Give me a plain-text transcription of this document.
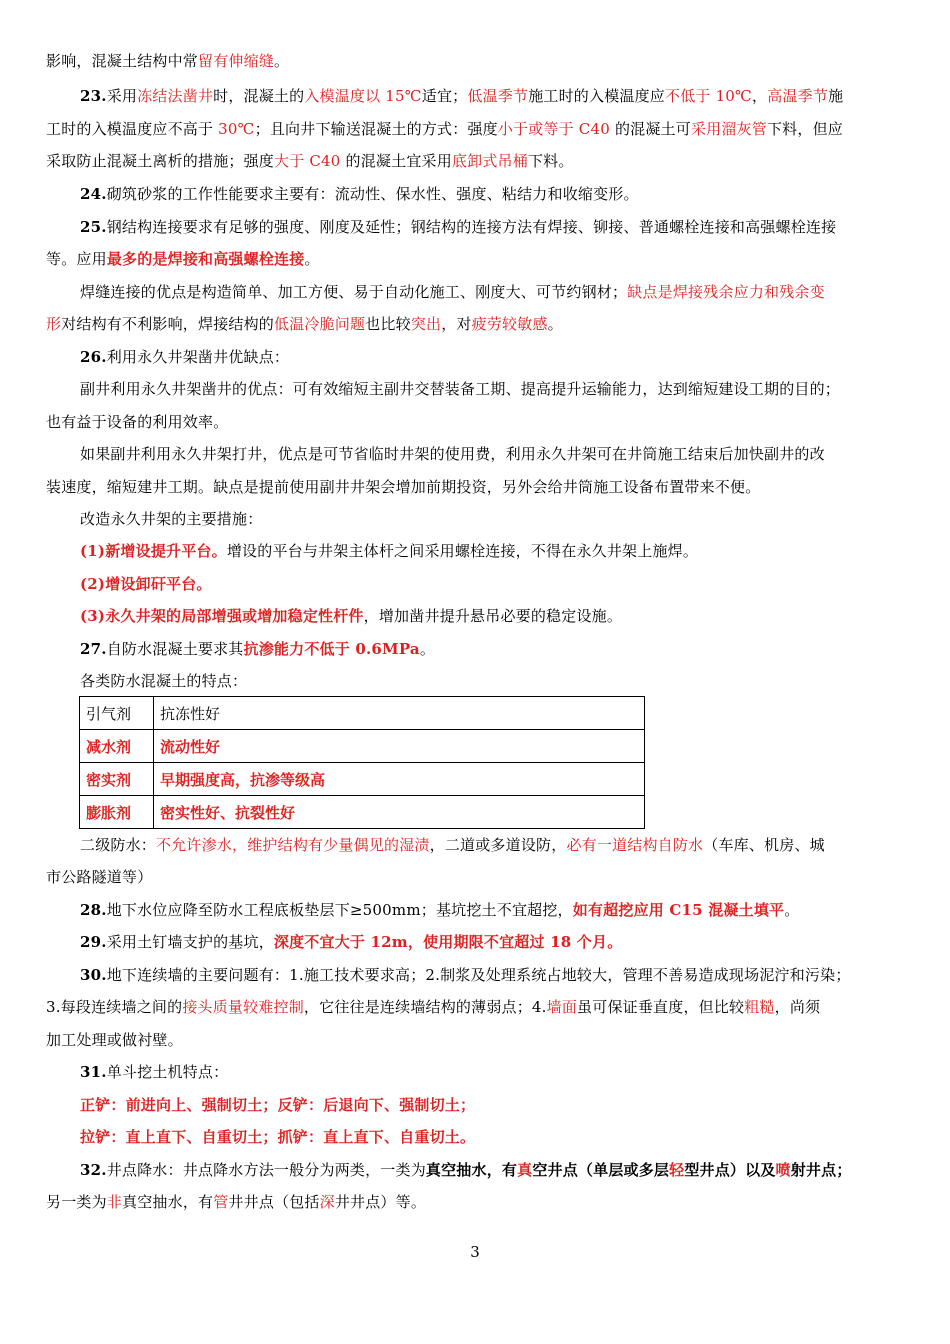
影响，混凝土结构中常留有伸缩缝。
23.采用冻结法凿井时，混凝土的入模温度以 15℃适宜；低温季节施工时的入模温度应不低于 10℃，高温季节施
工时的入模温度应不高于 30℃；且向井下输送混凝土的方式：强度小于或等于 C40 的混凝土可采用溜灰管下料，但应
采取防止混凝土离析的措施；强度大于 C40 的混凝土宜采用底卸式吊桶下料。
24.砌筑砂浆的工作性能要求主要有：流动性、保水性、强度、粘结力和收缩变形。
25.钢结构连接要求有足够的强度、刚度及延性；钢结构的连接方法有焊接、铆接、普通螺栓连接和高强螺栓连接
等。应用最多的是焊接和高强螺栓连接。
焊缝连接的优点是构造简单、加工方便、易于自动化施工、刚度大、可节约钢材；缺点是焊接残余应力和残余变
形对结构有不利影响，焊接结构的低温冷脆问题也比较突出，对疲劳较敏感。
26.利用永久井架凿井优缺点：
副井利用永久井架凿井的优点：可有效缩短主副井交替装备工期、提高提升运输能力，达到缩短建设工期的目的；
也有益于设备的利用效率。
如果副井利用永久井架打井，优点是可节省临时井架的使用费，利用永久井架可在井筒施工结束后加快副井的改
装速度，缩短建井工期。缺点是提前使用副井井架会增加前期投资，另外会给井筒施工设备布置带来不便。
改造永久井架的主要措施：
(1)新增设提升平台。增设的平台与井架主体杆之间采用螺栓连接，不得在永久井架上施焊。
(2)增设卸矸平台。
(3)永久井架的局部增强或增加稳定性杆件，增加凿井提升悬吊必要的稳定设施。
27.自防水混凝土要求其抗渗能力不低于 0.6MPa。
各类防水混凝土的特点：
引气剂	抗冻性好
减水剂	流动性好
密实剂	早期强度高，抗渗等级高
膨胀剂	密实性好、抗裂性好
二级防水：不允许渗水，维护结构有少量偶见的湿渍，二道或多道设防，必有一道结构自防水（车库、机房、城
市公路隧道等）
28.地下水位应降至防水工程底板垫层下≥500mm；基坑挖土不宜超挖，如有超挖应用 C15 混凝土填平。
29.采用土钉墙支护的基坑，深度不宜大于 12m，使用期限不宜超过 18 个月。
30.地下连续墙的主要问题有：1.施工技术要求高；2.制浆及处理系统占地较大，管理不善易造成现场泥泞和污染；
3.每段连续墙之间的接头质量较难控制，它往往是连续墙结构的薄弱点；4.墙面虽可保证垂直度，但比较粗糙，尚须
加工处理或做衬壁。
31.单斗挖土机特点：
正铲：前进向上、强制切土；反铲：后退向下、强制切土；
拉铲：直上直下、自重切土；抓铲：直上直下、自重切土。
32.井点降水：井点降水方法一般分为两类，一类为真空抽水，有真空井点（单层或多层轻型井点）以及喷射井点；
另一类为非真空抽水，有管井井点（包括深井井点）等。
3
